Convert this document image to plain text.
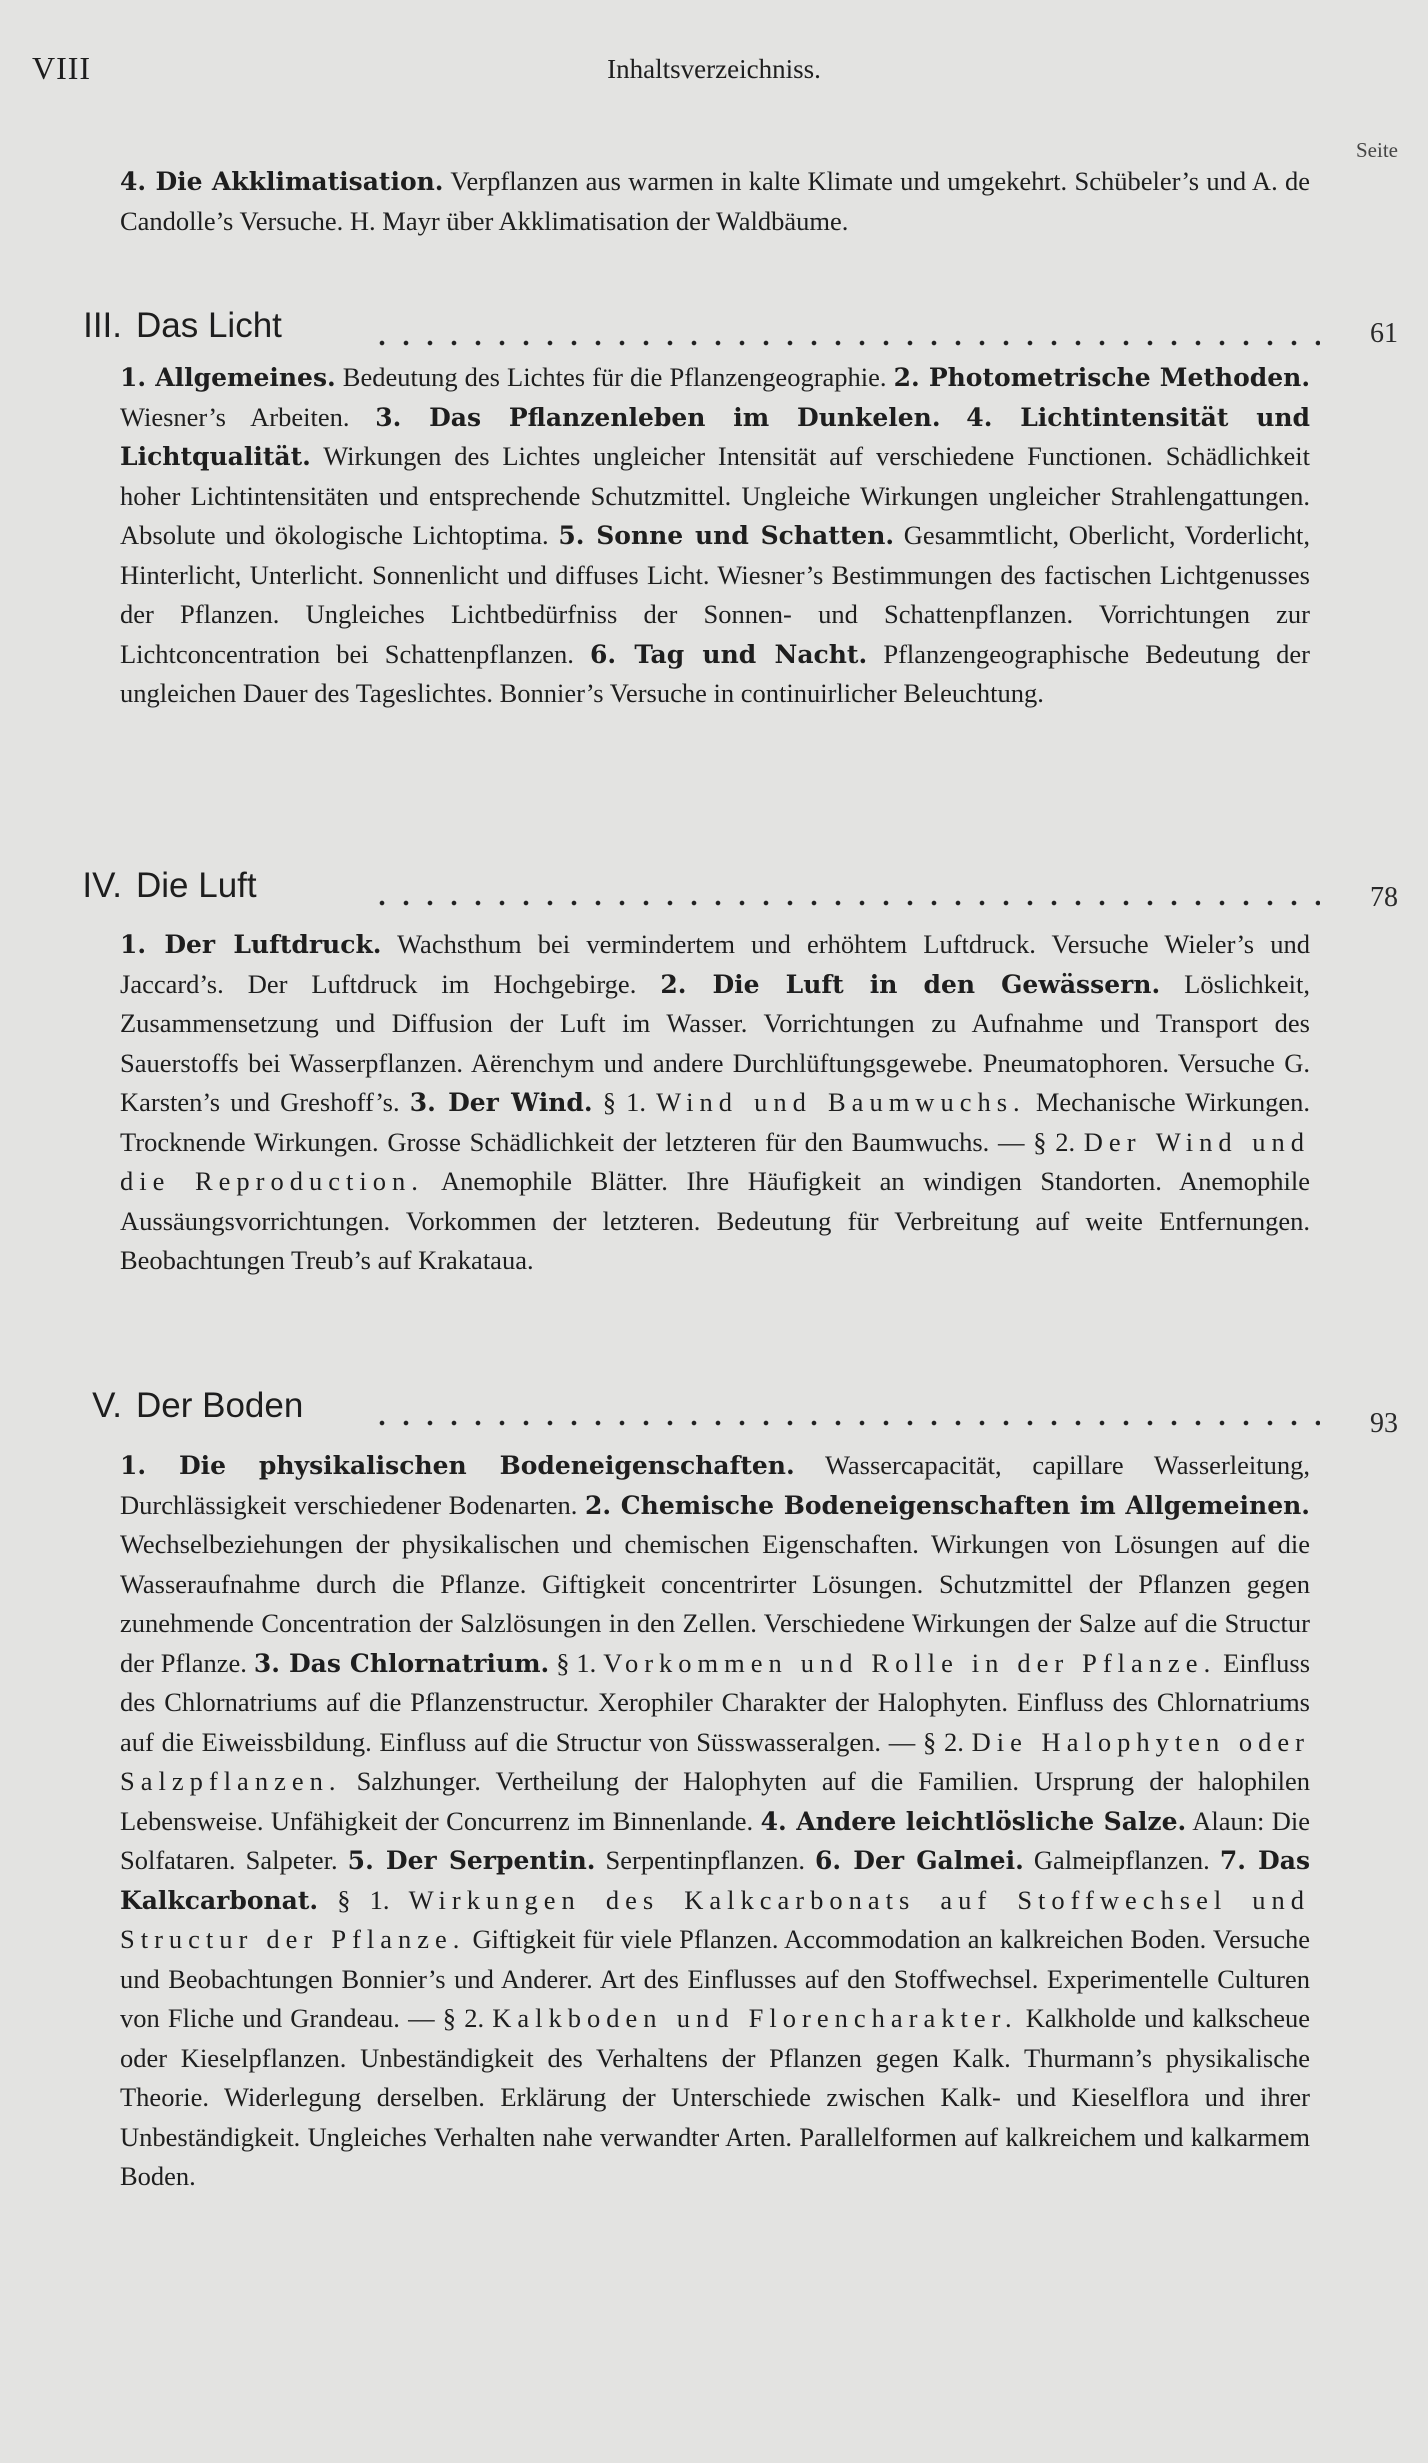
VIII	Inhaltsverzeichniss.
Seite
4. Die Akklimatisation. Verpflanzen aus warmen in kalte Klimate und umgekehrt. Schübeler’s und A. de Candolle’s Versuche. H. Mayr über Akklimatisation der Waldbäume.
III. Das Licht	61
1. Allgemeines. Bedeutung des Lichtes für die Pflanzengeographie. 2. Photometrische Methoden. Wiesner’s Arbeiten. 3. Das Pflanzenleben im Dunkelen. 4. Lichtintensität und Lichtqualität. Wirkungen des Lichtes ungleicher Intensität auf verschiedene Functionen. Schädlichkeit hoher Lichtintensitäten und entsprechende Schutzmittel. Ungleiche Wirkungen ungleicher Strahlengattungen. Absolute und ökologische Lichtoptima. 5. Sonne und Schatten. Gesammtlicht, Oberlicht, Vorderlicht, Hinterlicht, Unterlicht. Sonnenlicht und diffuses Licht. Wiesner’s Bestimmungen des factischen Lichtgenusses der Pflanzen. Ungleiches Lichtbedürfniss der Sonnen- und Schattenpflanzen. Vorrichtungen zur Lichtconcentration bei Schattenpflanzen. 6. Tag und Nacht. Pflanzengeographische Bedeutung der ungleichen Dauer des Tageslichtes. Bonnier’s Versuche in continuirlicher Beleuchtung.
IV. Die Luft	78
1. Der Luftdruck. Wachsthum bei vermindertem und erhöhtem Luftdruck. Versuche Wieler’s und Jaccard’s. Der Luftdruck im Hochgebirge. 2. Die Luft in den Gewässern. Löslichkeit, Zusammensetzung und Diffusion der Luft im Wasser. Vorrichtungen zu Aufnahme und Transport des Sauerstoffs bei Wasserpflanzen. Aërenchym und andere Durchlüftungsgewebe. Pneumatophoren. Versuche G. Karsten’s und Greshoff’s. 3. Der Wind. § 1. Wind und Baumwuchs. Mechanische Wirkungen. Trocknende Wirkungen. Grosse Schädlichkeit der letzteren für den Baumwuchs. — § 2. Der Wind und die Reproduction. Anemophile Blätter. Ihre Häufigkeit an windigen Standorten. Anemophile Aussäungsvorrichtungen. Vorkommen der letzteren. Bedeutung für Verbreitung auf weite Entfernungen. Beobachtungen Treub’s auf Krakataua.
V. Der Boden	93
1. Die physikalischen Bodeneigenschaften. Wassercapacität, capillare Wasserleitung, Durchlässigkeit verschiedener Bodenarten. 2. Chemische Bodeneigenschaften im Allgemeinen. Wechselbeziehungen der physikalischen und chemischen Eigenschaften. Wirkungen von Lösungen auf die Wasseraufnahme durch die Pflanze. Giftigkeit concentrirter Lösungen. Schutzmittel der Pflanzen gegen zunehmende Concentration der Salzlösungen in den Zellen. Verschiedene Wirkungen der Salze auf die Structur der Pflanze. 3. Das Chlornatrium. § 1. Vorkommen und Rolle in der Pflanze. Einfluss des Chlornatriums auf die Pflanzenstructur. Xerophiler Charakter der Halophyten. Einfluss des Chlornatriums auf die Eiweissbildung. Einfluss auf die Structur von Süsswasseralgen. — § 2. Die Halophyten oder Salzpflanzen. Salzhunger. Vertheilung der Halophyten auf die Familien. Ursprung der halophilen Lebensweise. Unfähigkeit der Concurrenz im Binnenlande. 4. Andere leichtlösliche Salze. Alaun: Die Solfataren. Salpeter. 5. Der Serpentin. Serpentinpflanzen. 6. Der Galmei. Galmeipflanzen. 7. Das Kalkcarbonat. § 1. Wirkungen des Kalkcarbonats auf Stoffwechsel und Structur der Pflanze. Giftigkeit für viele Pflanzen. Accommodation an kalkreichen Boden. Versuche und Beobachtungen Bonnier’s und Anderer. Art des Einflusses auf den Stoffwechsel. Experimentelle Culturen von Fliche und Grandeau. — § 2. Kalkboden und Florencharakter. Kalkholde und kalkscheue oder Kieselpflanzen. Unbeständigkeit des Verhaltens der Pflanzen gegen Kalk. Thurmann’s physikalische Theorie. Widerlegung derselben. Erklärung der Unterschiede zwischen Kalk- und Kieselflora und ihrer Unbeständigkeit. Ungleiches Verhalten nahe verwandter Arten. Parallelformen auf kalkreichem und kalkarmem Boden.
